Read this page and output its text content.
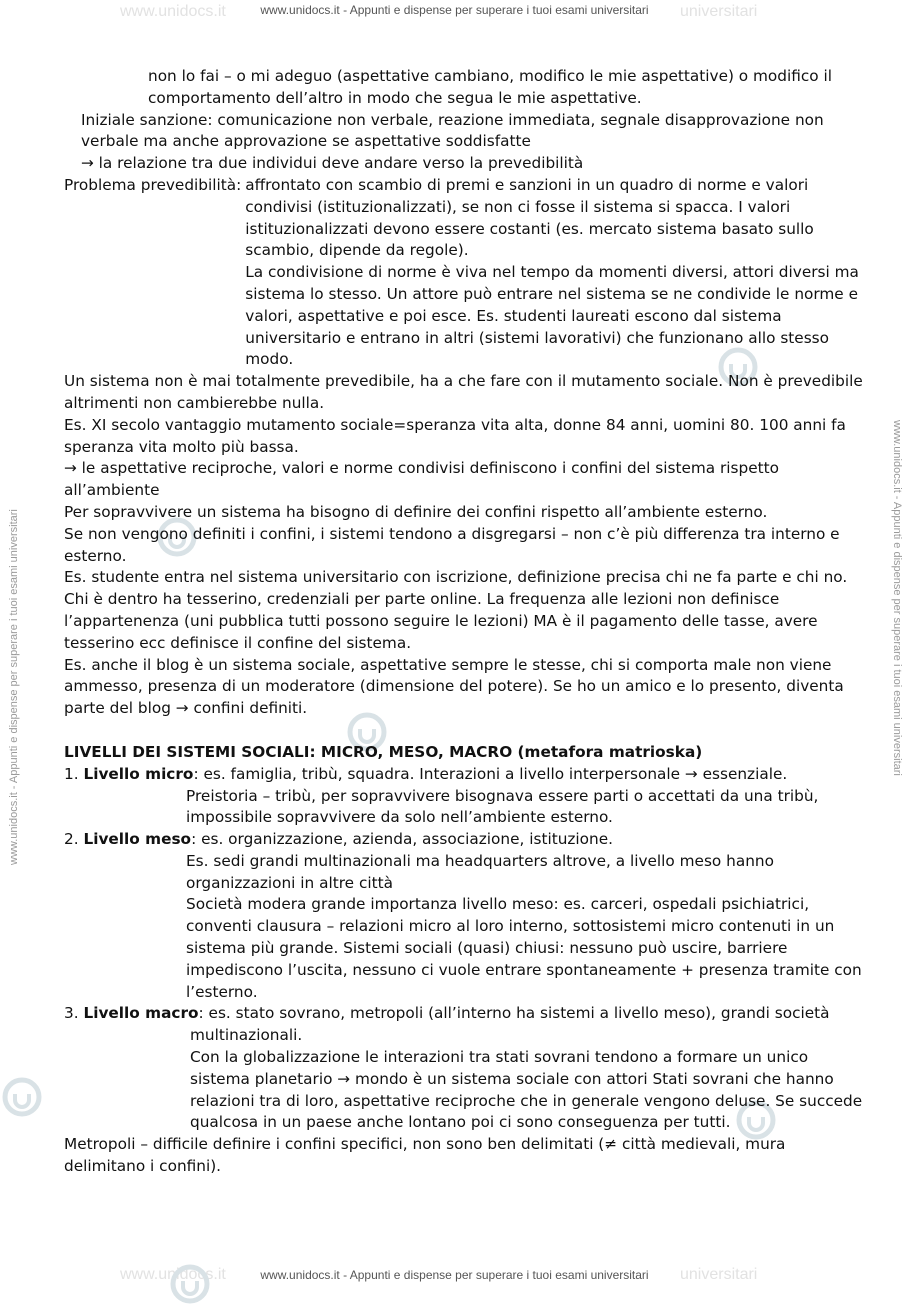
www.unidocs.it	universitari
www.unidocs.it - Appunti e dispense per superare i tuoi esami universitari
www.unidocs.it	universitari
www.unidocs.it - Appunti e dispense per superare i tuoi esami universitari
www.unidocs.it - Appunti e dispense per superare i tuoi esami universitari	www.unidocs.it - Appunti e dispense per superare i tuoi esami universitari

non lo fai – o mi adeguo (aspettative cambiano, modifico le mie aspettative) o modifico il comportamento dell’altro in modo che segua le mie aspettative.

Iniziale sanzione: comunicazione non verbale, reazione immediata, segnale disapprovazione non verbale ma anche approvazione se aspettative soddisfatte

→ la relazione tra due individui deve andare verso la prevedibilità

Problema prevedibilità: affrontato con scambio di premi e sanzioni in un quadro di norme e valori condivisi (istituzionalizzati), se non ci fosse il sistema si spacca. I valori istituzionalizzati devono essere costanti (es. mercato sistema basato sullo scambio, dipende da regole).

La condivisione di norme è viva nel tempo da momenti diversi, attori diversi ma sistema lo stesso. Un attore può entrare nel sistema se ne condivide le norme e valori, aspettative e poi esce. Es. studenti laureati escono dal sistema universitario e entrano in altri (sistemi lavorativi) che funzionano allo stesso modo.

Un sistema non è mai totalmente prevedibile, ha a che fare con il mutamento sociale. Non è prevedibile altrimenti non cambierebbe nulla.

Es. XI secolo vantaggio mutamento sociale=speranza vita alta, donne 84 anni, uomini 80. 100 anni fa speranza vita molto più bassa.

→ le aspettative reciproche, valori e norme condivisi definiscono i confini del sistema rispetto all’ambiente

Per sopravvivere un sistema ha bisogno di definire dei confini rispetto all’ambiente esterno.

Se non vengono definiti i confini, i sistemi tendono a disgregarsi – non c’è più differenza tra interno e esterno.

Es. studente entra nel sistema universitario con iscrizione, definizione precisa chi ne fa parte e chi no. Chi è dentro ha tesserino, credenziali per parte online. La frequenza alle lezioni non definisce l’appartenenza (uni pubblica tutti possono seguire le lezioni) MA è il pagamento delle tasse, avere tesserino ecc definisce il confine del sistema.

Es. anche il blog è un sistema sociale, aspettative sempre le stesse, chi si comporta male non viene ammesso, presenza di un moderatore (dimensione del potere). Se ho un amico e lo presento, diventa parte del blog → confini definiti.

LIVELLI DEI SISTEMI SOCIALI: MICRO, MESO, MACRO (metafora matrioska)

1. Livello micro: es. famiglia, tribù, squadra. Interazioni a livello interpersonale → essenziale.

Preistoria – tribù, per sopravvivere bisognava essere parti o accettati da una tribù, impossibile sopravvivere da solo nell’ambiente esterno.

2. Livello meso: es. organizzazione, azienda, associazione, istituzione.

Es. sedi grandi multinazionali ma headquarters altrove, a livello meso hanno organizzazioni in altre città

Società modera grande importanza livello meso: es. carceri, ospedali psichiatrici, conventi clausura – relazioni micro al loro interno, sottosistemi micro contenuti in un sistema più grande. Sistemi sociali (quasi) chiusi: nessuno può uscire, barriere impediscono l’uscita, nessuno ci vuole entrare spontaneamente + presenza tramite con l’esterno.

3. Livello macro: es. stato sovrano, metropoli (all’interno ha sistemi a livello meso), grandi società

multinazionali.

Con la globalizzazione le interazioni tra stati sovrani tendono a formare un unico sistema planetario → mondo è un sistema sociale con attori Stati sovrani che hanno relazioni tra di loro, aspettative reciproche che in generale vengono deluse. Se succede qualcosa in un paese anche lontano poi ci sono conseguenza per tutti.

Metropoli – difficile definire i confini specifici, non sono ben delimitati (≠ città medievali, mura delimitano i confini).
